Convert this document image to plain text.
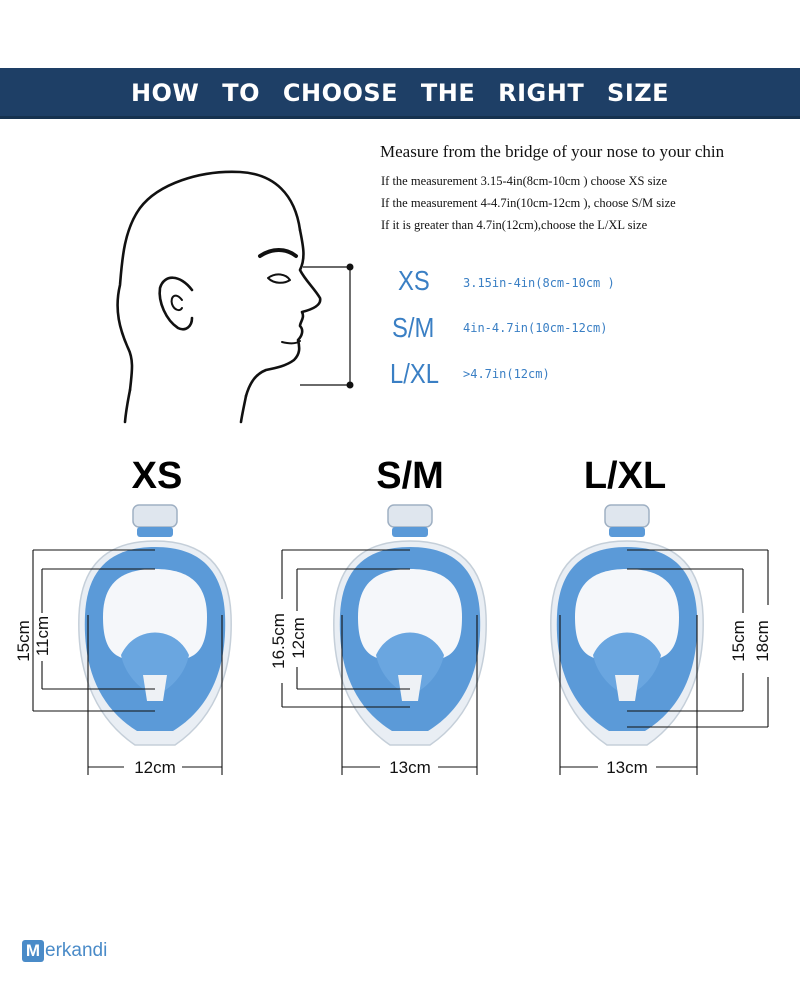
HOW TO CHOOSE THE RIGHT SIZE
Measure from the bridge of your nose to your chin
If the measurement 3.15-4in(8cm-10cm ) choose XS size
If the measurement 4-4.7in(10cm-12cm ), choose S/M size
If it is greater than 4.7in(12cm),choose the L/XL size
XS	3.15in-4in(8cm-10cm )
S/M 4in-4.7in(10cm-12cm)
L/XL >4.7in(12cm)
XS	S/M	L/XL
15cm 11cm
12cm
16.5cm 12cm
13cm
15cm 18cm
13cm
M erkandi
